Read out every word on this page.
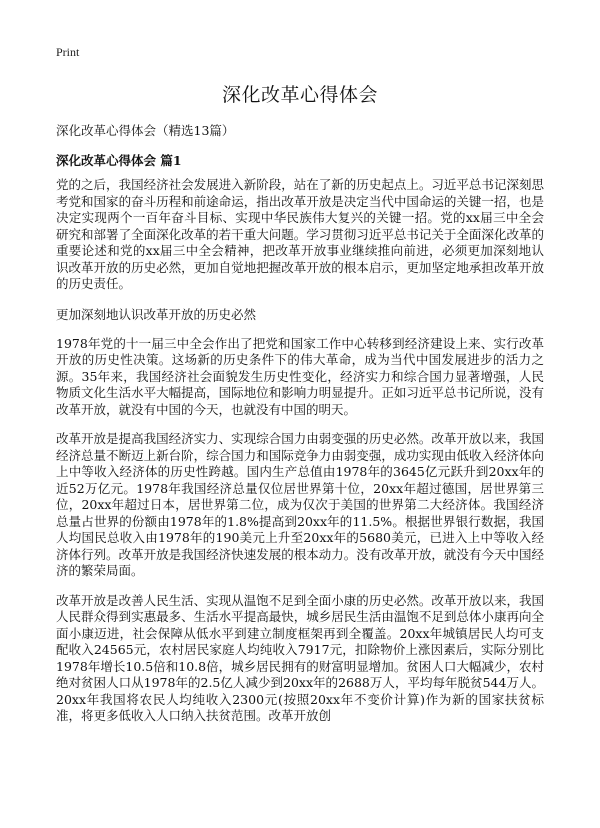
Print
深化改革心得体会

深化改革心得体会（精选13篇）

深化改革心得体会 篇1

党的之后，我国经济社会发展进入新阶段，站在了新的历史起点上。习近平总书记深刻思考党和国家的奋斗历程和前途命运，指出改革开放是决定当代中国命运的关键一招，也是决定实现两个一百年奋斗目标、实现中华民族伟大复兴的关键一招。党的xx届三中全会研究和部署了全面深化改革的若干重大问题。学习贯彻习近平总书记关于全面深化改革的重要论述和党的xx届三中全会精神，把改革开放事业继续推向前进，必须更加深刻地认识改革开放的历史必然，更加自觉地把握改革开放的根本启示，更加坚定地承担改革开放的历史责任。

更加深刻地认识改革开放的历史必然

1978年党的十一届三中全会作出了把党和国家工作中心转移到经济建设上来、实行改革开放的历史性决策。这场新的历史条件下的伟大革命，成为当代中国发展进步的活力之源。35年来，我国经济社会面貌发生历史性变化，经济实力和综合国力显著增强，人民物质文化生活水平大幅提高，国际地位和影响力明显提升。正如习近平总书记所说，没有改革开放，就没有中国的今天，也就没有中国的明天。

改革开放是提高我国经济实力、实现综合国力由弱变强的历史必然。改革开放以来，我国经济总量不断迈上新台阶，综合国力和国际竞争力由弱变强，成功实现由低收入经济体向上中等收入经济体的历史性跨越。国内生产总值由1978年的3645亿元跃升到20xx年的近52万亿元。1978年我国经济总量仅位居世界第十位，20xx年超过德国，居世界第三位，20xx年超过日本，居世界第二位，成为仅次于美国的世界第二大经济体。我国经济总量占世界的份额由1978年的1.8%提高到20xx年的11.5%。根据世界银行数据，我国人均国民总收入由1978年的190美元上升至20xx年的5680美元，已进入上中等收入经济体行列。改革开放是我国经济快速发展的根本动力。没有改革开放，就没有今天中国经济的繁荣局面。

改革开放是改善人民生活、实现从温饱不足到全面小康的历史必然。改革开放以来，我国人民群众得到实惠最多、生活水平提高最快，城乡居民生活由温饱不足到总体小康再向全面小康迈进，社会保障从低水平到建立制度框架再到全覆盖。20xx年城镇居民人均可支配收入24565元，农村居民家庭人均纯收入7917元，扣除物价上涨因素后，实际分别比1978年增长10.5倍和10.8倍，城乡居民拥有的财富明显增加。贫困人口大幅减少，农村绝对贫困人口从1978年的2.5亿人减少到20xx年的2688万人，平均每年脱贫544万人。20xx年我国将农民人均纯收入2300元(按照20xx年不变价计算)作为新的国家扶贫标准，将更多低收入人口纳入扶贫范围。改革开放创
